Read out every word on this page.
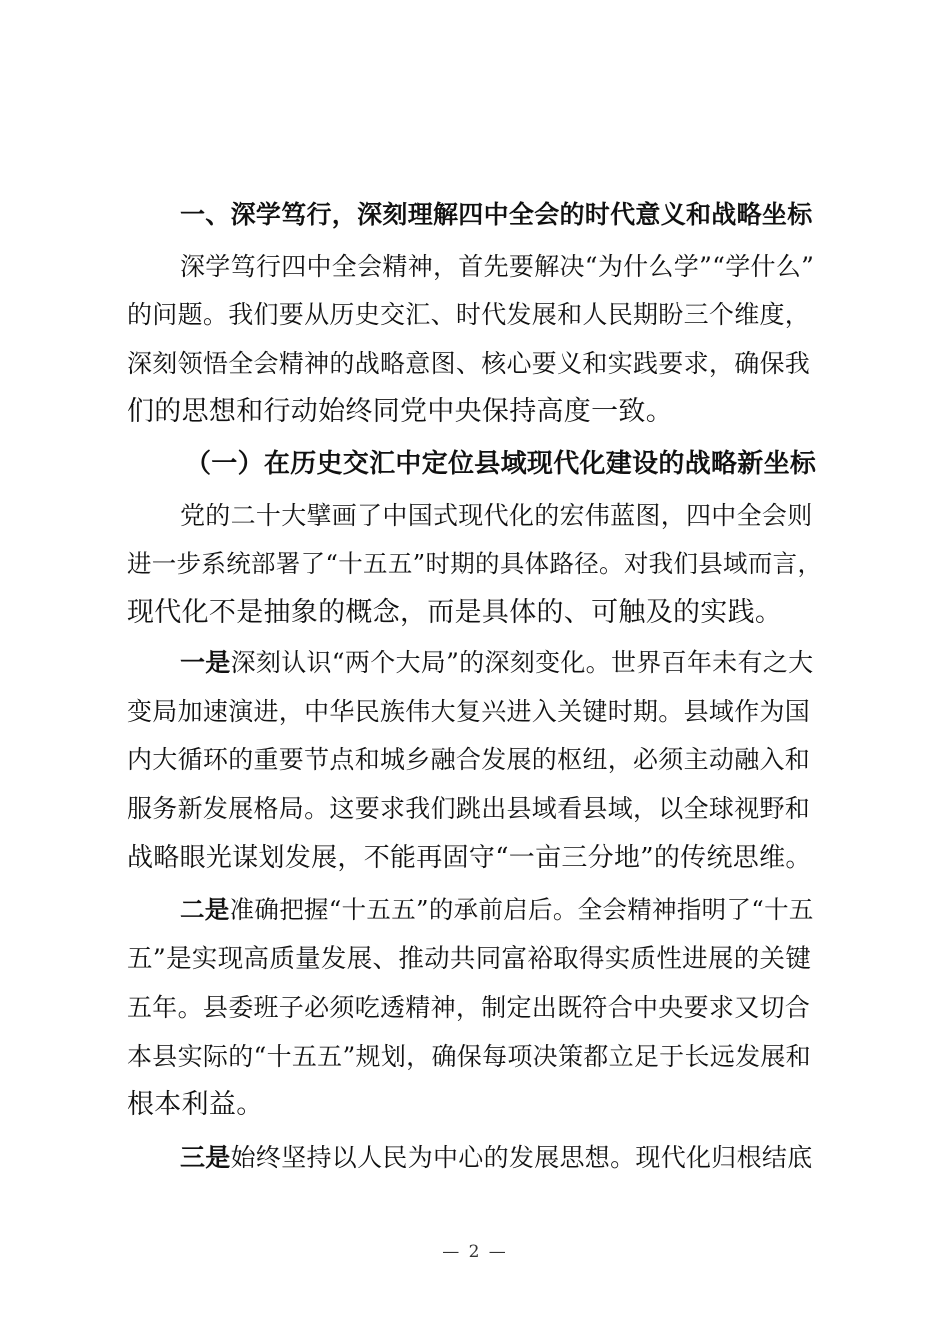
一、深学笃行，深刻理解四中全会的时代意义和战略坐标
深学笃行四中全会精神，首先要解决“为什么学”“学什么”
的问题。我们要从历史交汇、时代发展和人民期盼三个维度，
深刻领悟全会精神的战略意图、核心要义和实践要求，确保我
们的思想和行动始终同党中央保持高度一致。
（一）在历史交汇中定位县域现代化建设的战略新坐标
党的二十大擘画了中国式现代化的宏伟蓝图，四中全会则
进一步系统部署了“十五五”时期的具体路径。对我们县域而言，
现代化不是抽象的概念，而是具体的、可触及的实践。
一是深刻认识“两个大局”的深刻变化。世界百年未有之大
变局加速演进，中华民族伟大复兴进入关键时期。县域作为国
内大循环的重要节点和城乡融合发展的枢纽，必须主动融入和
服务新发展格局。这要求我们跳出县域看县域，以全球视野和
战略眼光谋划发展，不能再固守“一亩三分地”的传统思维。
二是准确把握“十五五”的承前启后。全会精神指明了“十五
五”是实现高质量发展、推动共同富裕取得实质性进展的关键
五年。县委班子必须吃透精神，制定出既符合中央要求又切合
本县实际的“十五五”规划，确保每项决策都立足于长远发展和
根本利益。
三是始终坚持以人民为中心的发展思想。现代化归根结底
— 2 —
